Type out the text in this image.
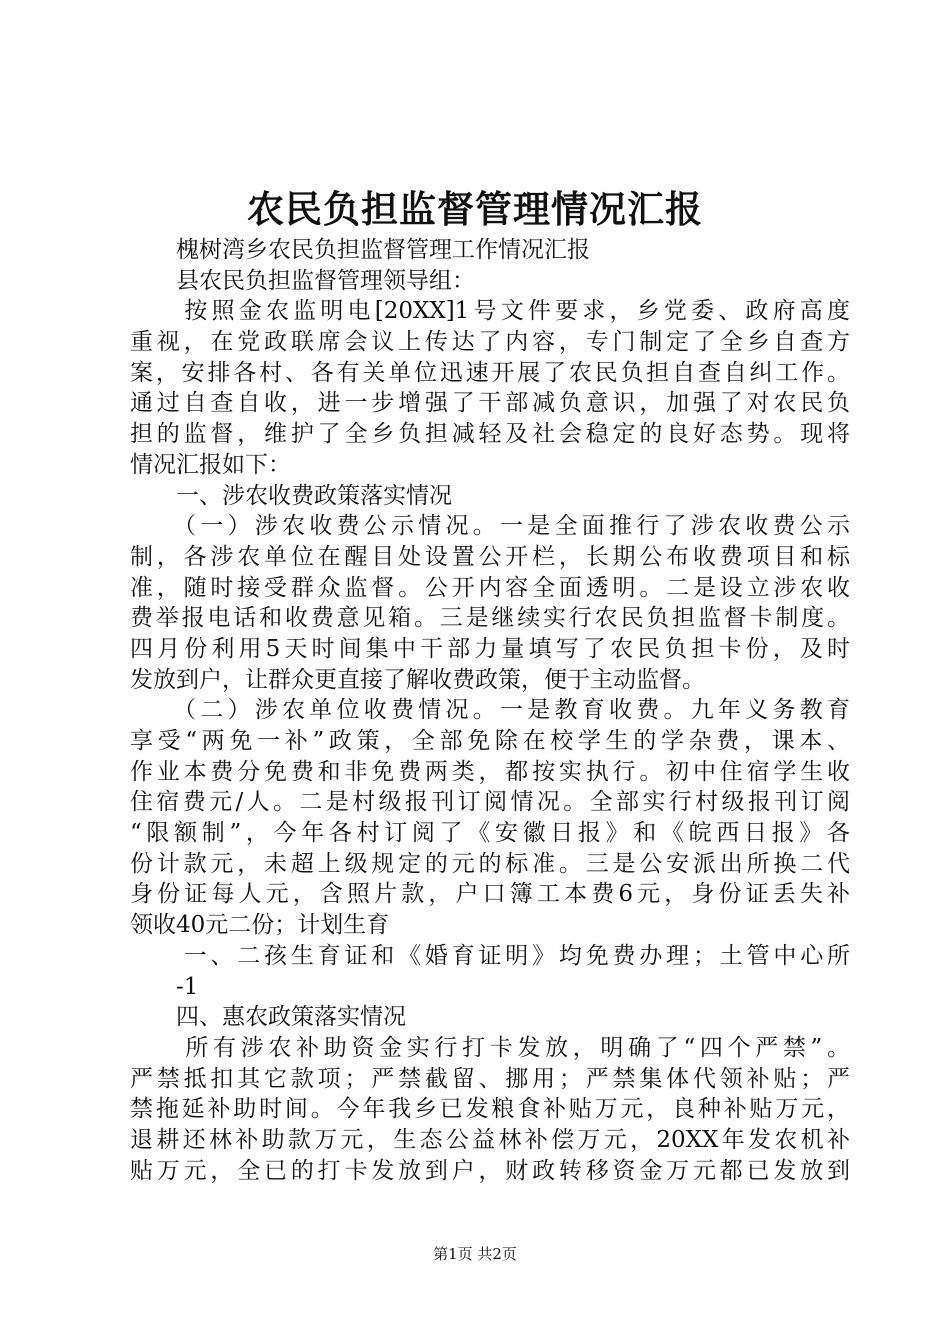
农民负担监督管理情况汇报
　　槐树湾乡农民负担监督管理工作情况汇报
　　县农民负担监督管理领导组：
　　按照金农监明电[20XX]1号文件要求，乡党委、政府高度
重视，在党政联席会议上传达了内容，专门制定了全乡自查方
案，安排各村、各有关单位迅速开展了农民负担自查自纠工作。
通过自查自收，进一步增强了干部减负意识，加强了对农民负
担的监督，维护了全乡负担减轻及社会稳定的良好态势。现将
情况汇报如下：
　　一、涉农收费政策落实情况
　　（一）涉农收费公示情况。一是全面推行了涉农收费公示
制，各涉农单位在醒目处设置公开栏，长期公布收费项目和标
准，随时接受群众监督。公开内容全面透明。二是设立涉农收
费举报电话和收费意见箱。三是继续实行农民负担监督卡制度。
四月份利用5天时间集中干部力量填写了农民负担卡份，及时
发放到户，让群众更直接了解收费政策，便于主动监督。
　　（二）涉农单位收费情况。一是教育收费。九年义务教育
享受“两免一补”政策，全部免除在校学生的学杂费，课本、
作业本费分免费和非免费两类，都按实执行。初中住宿学生收
住宿费元/人。二是村级报刊订阅情况。全部实行村级报刊订阅
“限额制”，今年各村订阅了《安徽日报》和《皖西日报》各
份计款元，未超上级规定的元的标准。三是公安派出所换二代
身份证每人元，含照片款，户口簿工本费6元，身份证丢失补
领收40元二份；计划生育
　　一、二孩生育证和《婚育证明》均免费办理；土管中心所
　　-1
　　四、惠农政策落实情况
　　所有涉农补助资金实行打卡发放，明确了“四个严禁”。
严禁抵扣其它款项；严禁截留、挪用；严禁集体代领补贴；严
禁拖延补助时间。今年我乡已发粮食补贴万元，良种补贴万元，
退耕还林补助款万元，生态公益林补偿万元，20XX年发农机补
贴万元，全已的打卡发放到户，财政转移资金万元都已发放到
第1页 共2页
